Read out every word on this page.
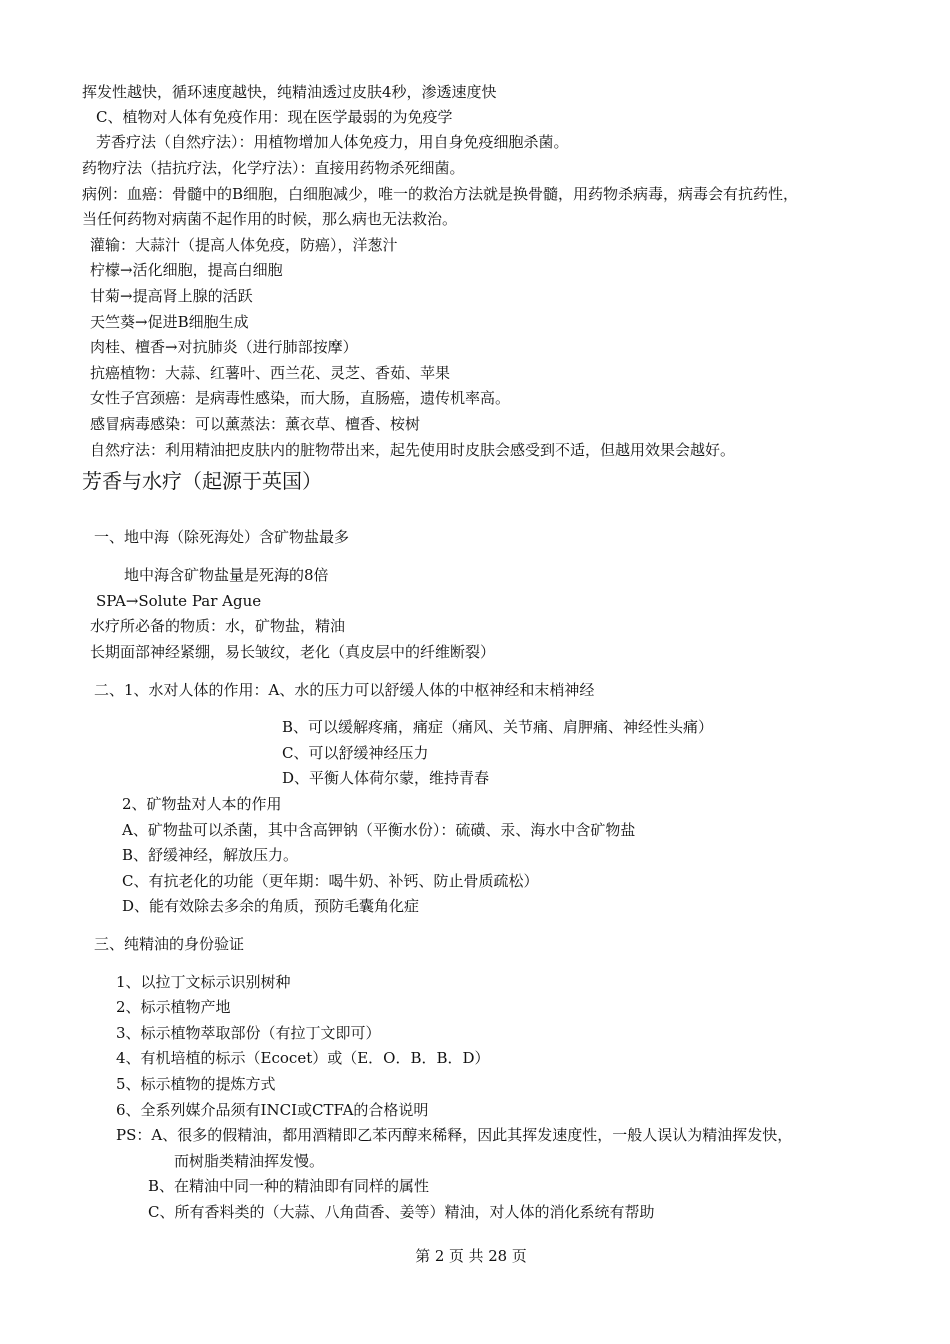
挥发性越快，循环速度越快，纯精油透过皮肤4秒，渗透速度快
C、植物对人体有免疫作用：现在医学最弱的为免疫学
芳香疗法（自然疗法）：用植物增加人体免疫力，用自身免疫细胞杀菌。
药物疗法（拮抗疗法，化学疗法）：直接用药物杀死细菌。
病例：血癌：骨髓中的B细胞，白细胞减少，唯一的救治方法就是换骨髓，用药物杀病毒，病毒会有抗药性，
当任何药物对病菌不起作用的时候，那么病也无法救治。
灌输：大蒜汁（提高人体免疫，防癌），洋葱汁
柠檬→活化细胞，提高白细胞
甘菊→提高肾上腺的活跃
天竺葵→促进B细胞生成
肉桂、檀香→对抗肺炎（进行肺部按摩）
抗癌植物：大蒜、红薯叶、西兰花、灵芝、香茹、苹果
女性子宫颈癌：是病毒性感染，而大肠，直肠癌，遗传机率高。
感冒病毒感染：可以薰蒸法：薰衣草、檀香、桉树
自然疗法：利用精油把皮肤内的脏物带出来，起先使用时皮肤会感受到不适，但越用效果会越好。
芳香与水疗（起源于英国）
一、地中海（除死海处）含矿物盐最多
地中海含矿物盐量是死海的8倍
SPA→Solute Par Ague
水疗所必备的物质：水，矿物盐，精油
长期面部神经紧绷，易长皱纹，老化（真皮层中的纤维断裂）
二、1、水对人体的作用：A、水的压力可以舒缓人体的中枢神经和末梢神经
B、可以缓解疼痛，痛症（痛风、关节痛、肩胛痛、神经性头痛）
C、可以舒缓神经压力
D、平衡人体荷尔蒙，维持青春
2、矿物盐对人本的作用
A、矿物盐可以杀菌，其中含高钾钠（平衡水份）：硫磺、汞、海水中含矿物盐
B、舒缓神经，解放压力。
C、有抗老化的功能（更年期：喝牛奶、补钙、防止骨质疏松）
D、能有效除去多余的角质，预防毛囊角化症
三、纯精油的身份验证
1、以拉丁文标示识别树种
2、标示植物产地
3、标示植物萃取部份（有拉丁文即可）
4、有机培植的标示（Ecocet）或（E．O．B．B．D）
5、标示植物的提炼方式
6、全系列媒介品须有INCI或CTFA的合格说明
PS：A、很多的假精油，都用酒精即乙苯丙醇来稀释，因此其挥发速度性，一般人误认为精油挥发快，
而树脂类精油挥发慢。
B、在精油中同一种的精油即有同样的属性
C、所有香料类的（大蒜、八角茴香、姜等）精油，对人体的消化系统有帮助
第 2 页 共 28 页
